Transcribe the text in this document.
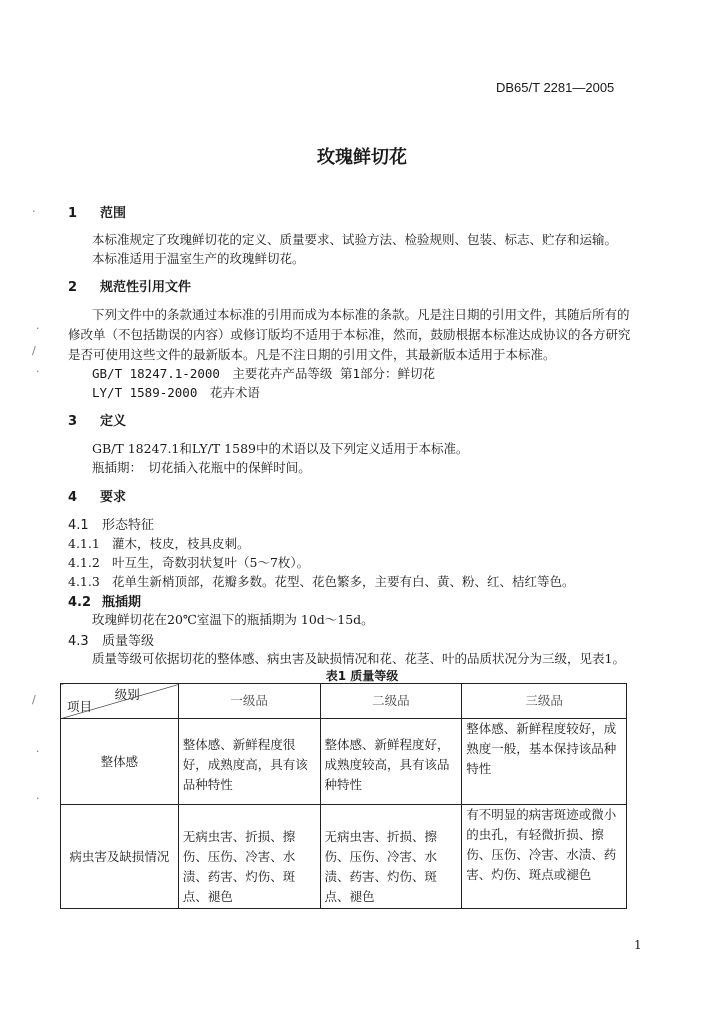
·
·
/
·
/
·
·
DB65/T 2281—2005
玫瑰鲜切花
1 范围
本标准规定了玫瑰鲜切花的定义、质量要求、试验方法、检验规则、包装、标志、贮存和运输。
本标准适用于温室生产的玫瑰鲜切花。
2 规范性引用文件
下列文件中的条款通过本标准的引用而成为本标准的条款。凡是注日期的引用文件，其随后所有的
修改单（不包括勘误的内容）或修订版均不适用于本标准，然而，鼓励根据本标准达成协议的各方研究
是否可使用这些文件的最新版本。凡是不注日期的引用文件，其最新版本适用于本标准。
GB/T 18247.1-2000　主要花卉产品等级 第1部分：鲜切花
LY/T 1589-2000　花卉术语
3 定义
GB/T 18247.1和LY/T 1589中的术语以及下列定义适用于本标准。
瓶插期：　切花插入花瓶中的保鲜时间。
4 要求
4.1 形态特征
4.1.1 灌木，枝皮，枝具皮刺。
4.1.2 叶互生，奇数羽状复叶（5～7枚）。
4.1.3 花单生新梢顶部，花瓣多数。花型、花色繁多，主要有白、黄、粉、红、桔红等色。
4.2 瓶插期
玫瑰鲜切花在20℃室温下的瓶插期为 10d～15d。
4.3 质量等级
质量等级可依据切花的整体感、病虫害及缺损情况和花、花茎、叶的品质状况分为三级，见表1。
表1 质量等级
级别
项目	一级品	二级品	三级品
整体感	整体感、新鲜程度很好，成熟度高，具有该品种特性	整体感、新鲜程度好，成熟度较高，具有该品种特性	整体感、新鲜程度较好，成熟度一般，基本保持该品种特性
病虫害及缺损情况	无病虫害、折损、擦伤、压伤、冷害、水渍、药害、灼伤、斑点、褪色	无病虫害、折损、擦伤、压伤、冷害、水渍、药害、灼伤、斑点、褪色	有不明显的病害斑迹或微小的虫孔，有轻微折损、擦伤、压伤、冷害、水渍、药害、灼伤、斑点或褪色
1
